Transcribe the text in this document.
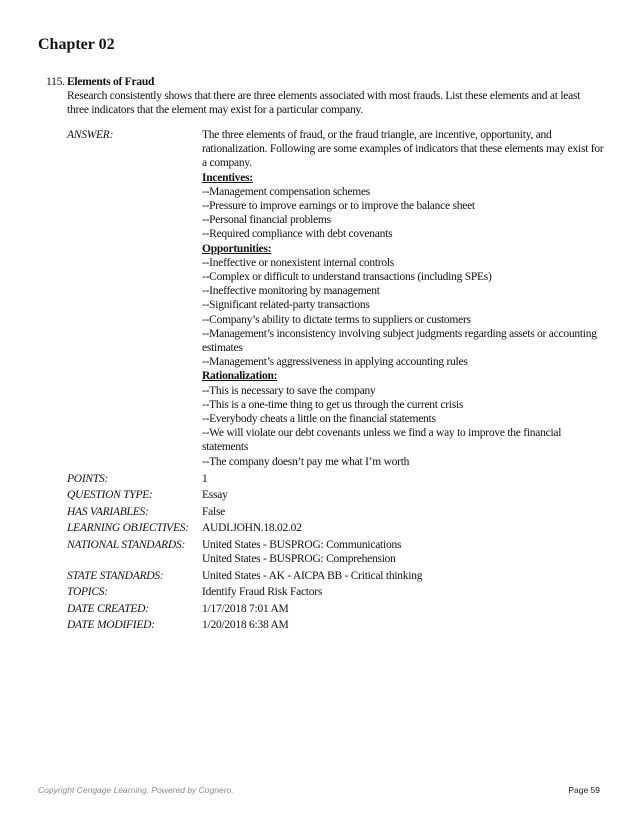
Chapter 02
115. Elements of Fraud
Research consistently shows that there are three elements associated with most frauds. List these elements and at least three indicators that the element may exist for a particular company.
ANSWER:	The three elements of fraud, or the fraud triangle, are incentive, opportunity, and rationalization. Following are some examples of indicators that these elements may exist for a company.
Incentives:
--Management compensation schemes
--Pressure to improve earnings or to improve the balance sheet
--Personal financial problems
--Required compliance with debt covenants
Opportunities:
--Ineffective or nonexistent internal controls
--Complex or difficult to understand transactions (including SPEs)
--Ineffective monitoring by management
--Significant related-party transactions
--Company’s ability to dictate terms to suppliers or customers
--Management’s inconsistency involving subject judgments regarding assets or accounting estimates
--Management’s aggressiveness in applying accounting rules
Rationalization:
--This is necessary to save the company
--This is a one-time thing to get us through the current crisis
--Everybody cheats a little on the financial statements
--We will violate our debt covenants unless we find a way to improve the financial statements
--The company doesn’t pay me what I’m worth
POINTS:	1
QUESTION TYPE:	Essay
HAS VARIABLES:	False
LEARNING OBJECTIVES:	AUDI.JOHN.18.02.02
NATIONAL STANDARDS:	United States - BUSPROG: Communications
United States - BUSPROG: Comprehension
STATE STANDARDS:	United States - AK - AICPA BB - Critical thinking
TOPICS:	Identify Fraud Risk Factors
DATE CREATED:	1/17/2018 7:01 AM
DATE MODIFIED:	1/20/2018 6:38 AM
Copyright Cengage Learning. Powered by Cognero.	Page 59
